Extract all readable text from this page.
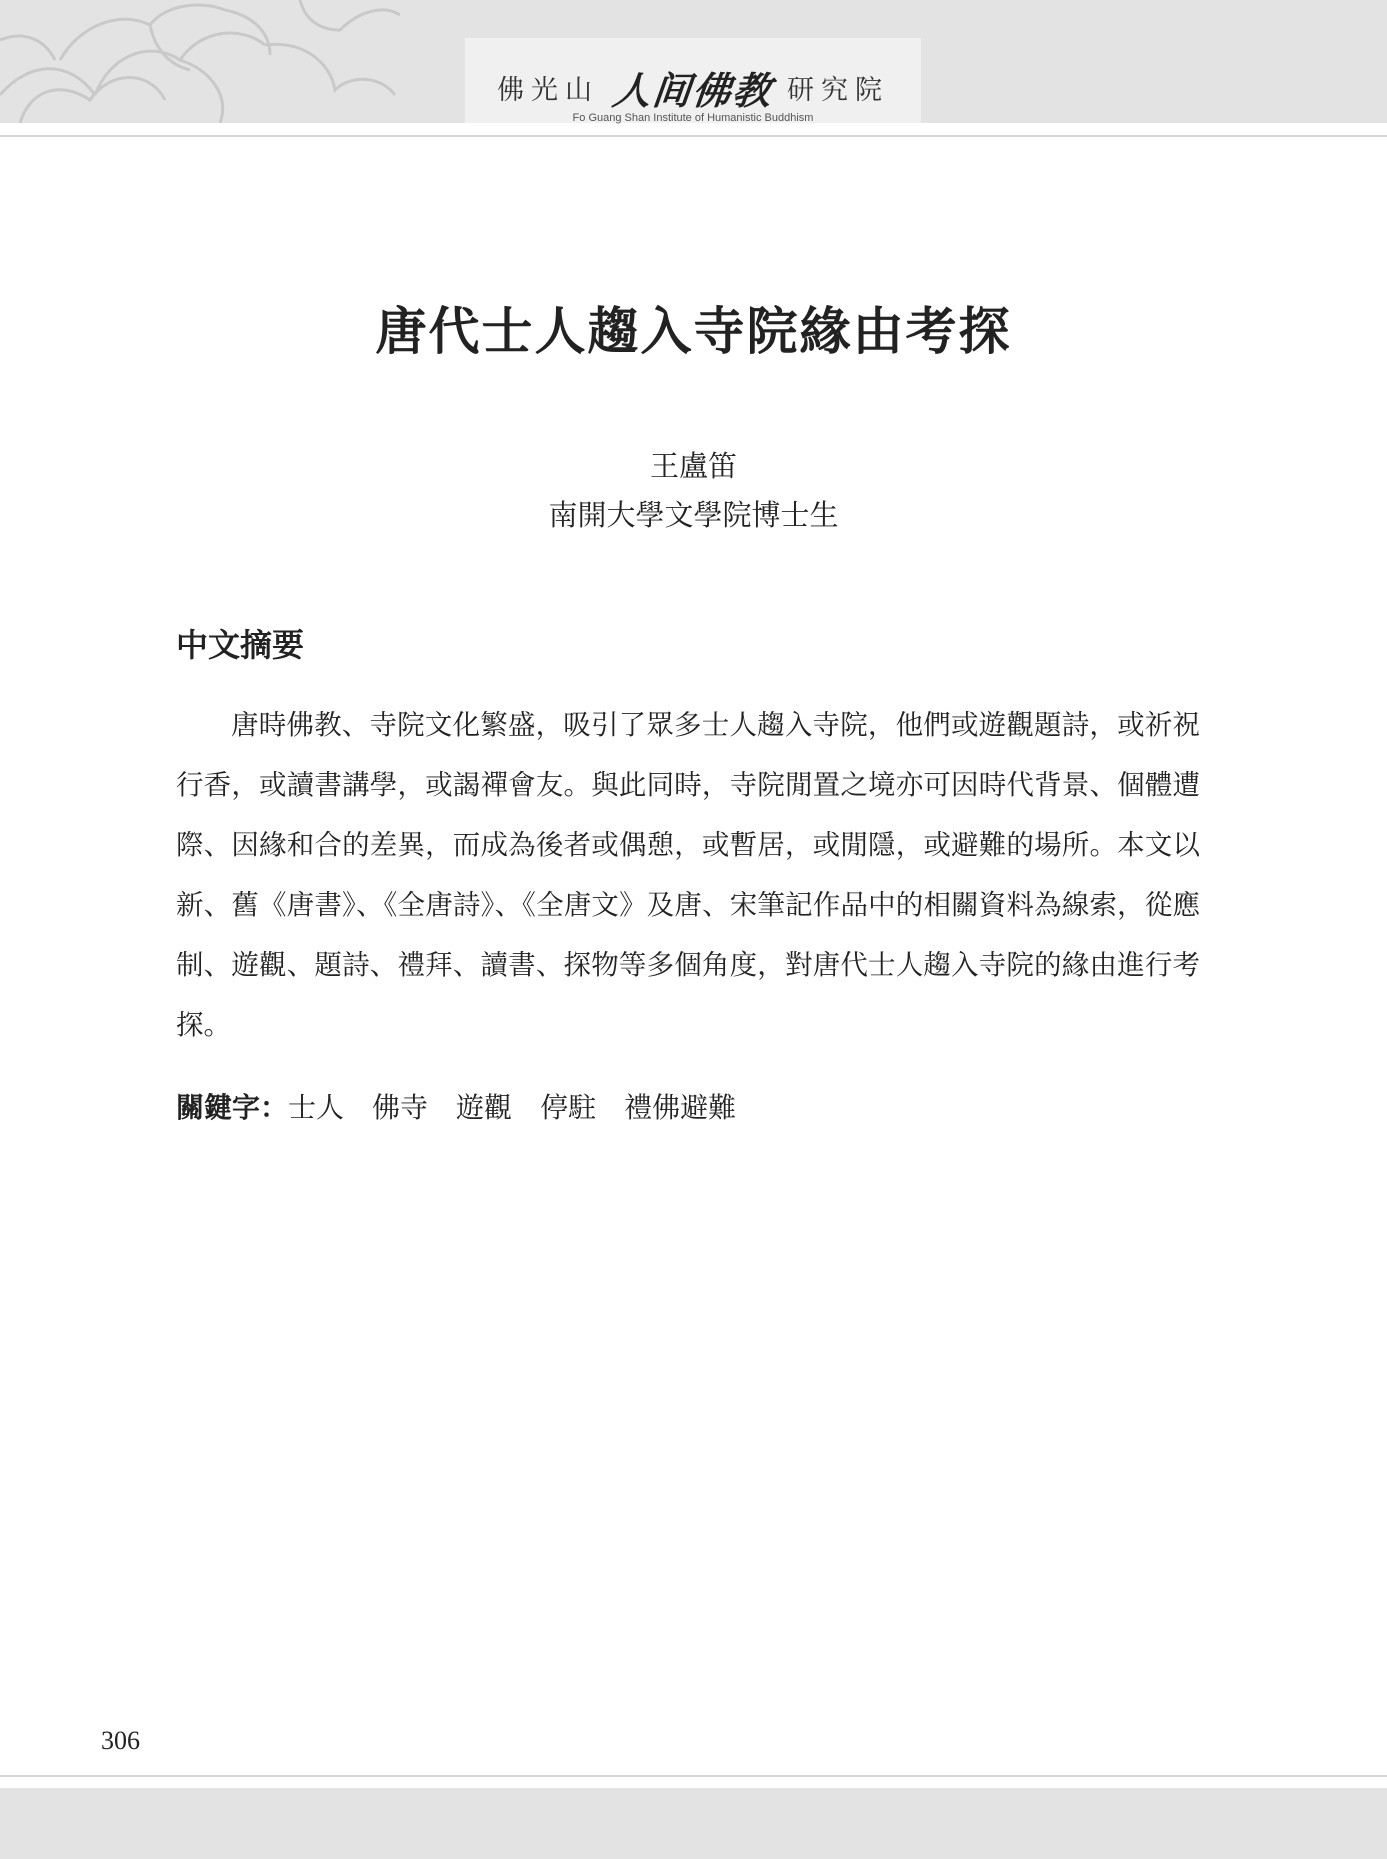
佛光山 人间佛教 研究院
Fo Guang Shan Institute of Humanistic Buddhism
唐代士人趨入寺院緣由考探
王盧笛
南開大學文學院博士生
中文摘要

唐時佛教、寺院文化繁盛，吸引了眾多士人趨入寺院，他們或遊觀題詩，或祈祝行香，或讀書講學，或謁禪會友。與此同時，寺院閒置之境亦可因時代背景、個體遭際、因緣和合的差異，而成為後者或偶憩，或暫居，或閒隱，或避難的場所。本文以新、舊《唐書》、《全唐詩》、《全唐文》及唐、宋筆記作品中的相關資料為線索，從應制、遊觀、題詩、禮拜、讀書、探物等多個角度，對唐代士人趨入寺院的緣由進行考探。

關鍵字：士人 佛寺 遊觀 停駐 禮佛避難
306
